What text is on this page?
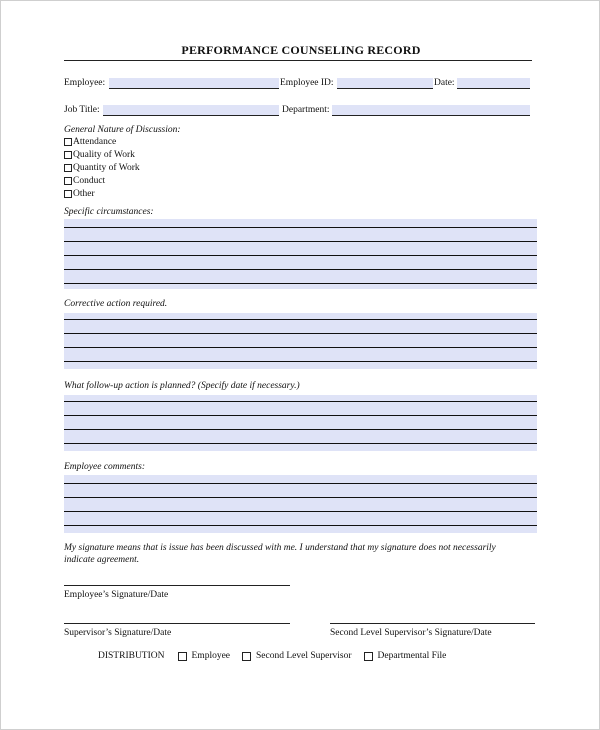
PERFORMANCE COUNSELING RECORD
Employee:	Employee ID:	Date:
Job Title:	Department:
General Nature of Discussion:
Attendance
Quality of Work
Quantity of Work
Conduct
Other
Specific circumstances:
Corrective action required.
What follow-up action is planned? (Specify date if necessary.)
Employee comments:
My signature means that is issue has been discussed with me. I understand that my signature does not necessarily
indicate agreement.
Employee’s Signature/Date
Supervisor’s Signature/Date	Second Level Supervisor’s Signature/Date
DISTRIBUTION	Employee	Second Level Supervisor	Departmental File
